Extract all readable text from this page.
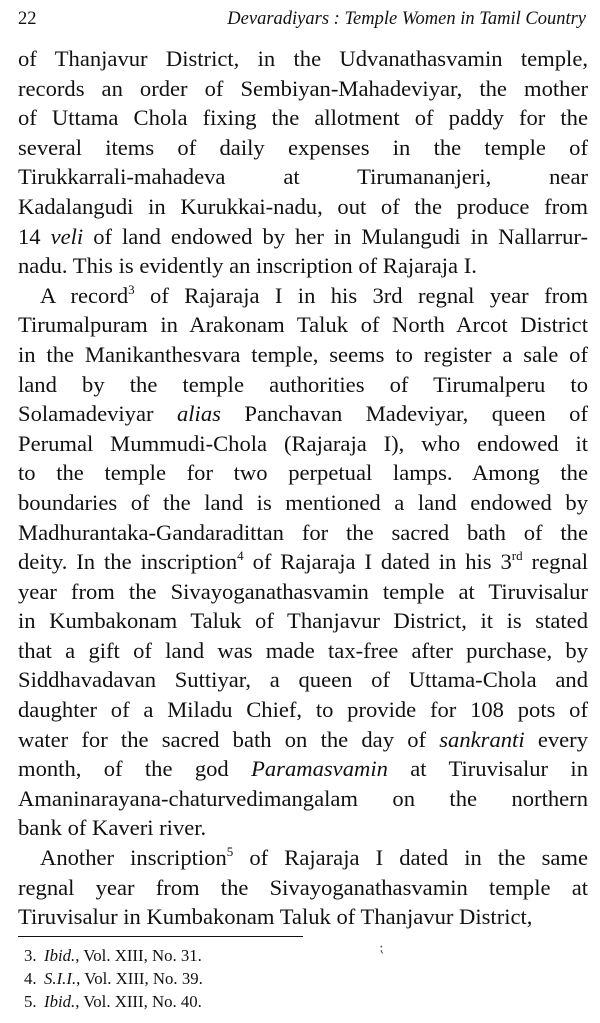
22	Devaradiyars : Temple Women in Tamil Country
of Thanjavur District, in the Udvanathasvamin temple,
records an order of Sembiyan-Mahadeviyar, the mother
of Uttama Chola fixing the allotment of paddy for the
several items of daily expenses in the temple of
Tirukkarrali-mahadeva at Tirumananjeri, near
Kadalangudi in Kurukkai-nadu, out of the produce from
14 veli of land endowed by her in Mulangudi in Nallarrur-
nadu. This is evidently an inscription of Rajaraja I.
A record$^3$ of Rajaraja I in his 3rd regnal year from
Tirumalpuram in Arakonam Taluk of North Arcot District
in the Manikanthesvara temple, seems to register a sale of
land by the temple authorities of Tirumalperu to
Solamadeviyar alias Panchavan Madeviyar, queen of
Perumal Mummudi-Chola (Rajaraja I), who endowed it
to the temple for two perpetual lamps. Among the
boundaries of the land is mentioned a land endowed by
Madhurantaka-Gandaradittan for the sacred bath of the
deity. In the inscription$^4$ of Rajaraja I dated in his 3rd regnal
year from the Sivayoganathasvamin temple at Tiruvisalur
in Kumbakonam Taluk of Thanjavur District, it is stated
that a gift of land was made tax-free after purchase, by
Siddhavadavan Suttiyar, a queen of Uttama-Chola and
daughter of a Miladu Chief, to provide for 108 pots of
water for the sacred bath on the day of sankranti every
month, of the god Paramasvamin at Tiruvisalur in
Amaninarayana-chaturvedimangalam on the northern
bank of Kaveri river.
Another inscription$^5$ of Rajaraja I dated in the same
regnal year from the Sivayoganathasvamin temple at
Tiruvisalur in Kumbakonam Taluk of Thanjavur District,
⁏
3. Ibid., Vol. XIII, No. 31.
4. S.I.I., Vol. XIII, No. 39.
5. Ibid., Vol. XIII, No. 40.
